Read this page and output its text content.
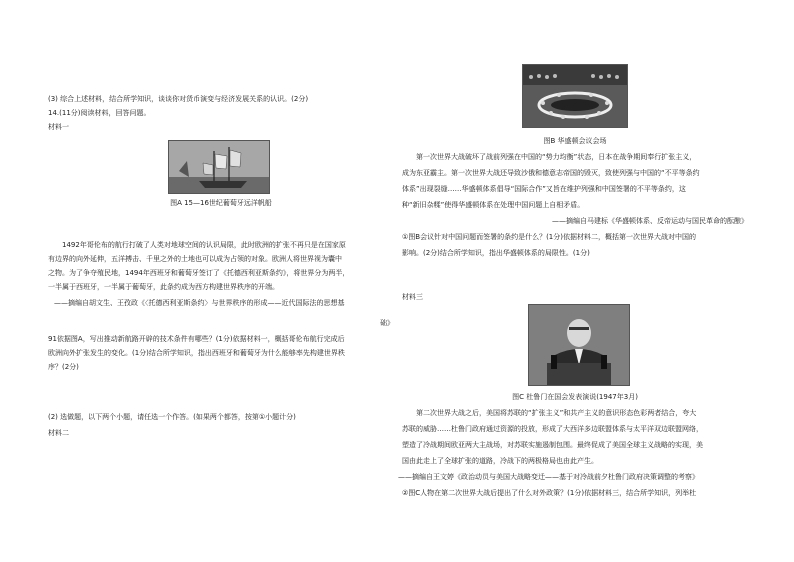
(3) 综合上述材料，结合所学知识，谈谈你对货币演变与经济发展关系的认识。(2分)

14.(11分)阅读材料，回答问题。

材料一

图A 15—16世纪葡萄牙远洋帆船

1492年哥伦布的航行打破了人类对地球空间的认识局限，此时欧洲的扩张不再只是在国家原

有边界的向外延伸，五洋搏击、千里之外的土地也可以成为占领的对象。欧洲人将世界视为囊中

之物。为了争夺殖民地，1494年西班牙和葡萄牙签订了《托德西利亚斯条约》，将世界分为两半，

一半属于西班牙，一半属于葡萄牙，此条约成为西方构建世界秩序的开端。

——摘编自胡文生、王孜政《〈托德西利亚斯条约〉与世界秩序的形成——近代国际法的思想基

础》

91依据图A，写出推动新航路开辟的技术条件有哪些？(1分)依据材料一，概括哥伦布航行完成后

欧洲向外扩张发生的变化。(1分)结合所学知识，指出西班牙和葡萄牙为什么能够率先构建世界秩

序？(2分)

(2) 选做题，以下两个小题，请任选一个作答。(如果两个都答，按第①小题计分)

材料二

图B 华盛顿会议会场

第一次世界大战破坏了战前列强在中国的“势力均衡”状态，日本在战争期间奉行扩张主义，

成为东亚霸主。第一次世界大战还导致沙俄和德意志帝国的毁灭，致使列强与中国的“不平等条约

体系”出现裂缝……华盛顿体系倡导“国际合作”又旨在维护列强和中国签署的不平等条约，这

种“新旧杂糅”使得华盛顿体系在处理中国问题上自相矛盾。

——摘编自马建标《华盛顿体系、反帝运动与国民革命的酝酿》

①图B会议针对中国问题而签署的条约是什么？(1分)依据材料二，概括第一次世界大战对中国的

影响。(2分)结合所学知识，指出华盛顿体系的局限性。(1分)

材料三

图C 杜鲁门在国会发表演说(1947年3月)

第二次世界大战之后，美国将苏联的“扩张主义”和共产主义的意识形态色彩两者结合，夸大

苏联的威胁……杜鲁门政府通过资源的投放，形成了大西洋多边联盟体系与太平洋双边联盟网络，

塑造了冷战期间欧亚两大主战场，对苏联实施遏制包围。最终促成了美国全球主义战略的实现，美

国由此走上了全球扩张的道路，冷战下的两极格局也由此产生。

——摘编自王文婷《政治动员与美国大战略变迁——基于对冷战前夕杜鲁门政府决策调整的考察》

②图C人物在第二次世界大战后提出了什么对外政策？(1分)依据材料三，结合所学知识，列举杜
